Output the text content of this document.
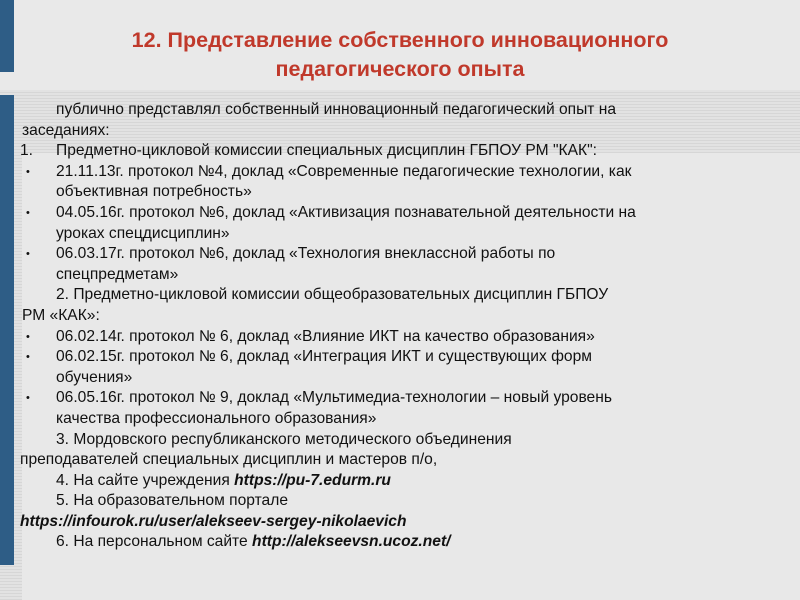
12. Представление собственного инновационного
педагогического опыта
публично представлял собственный инновационный педагогический опыт на
заседаниях:
1. Предметно-цикловой комиссии специальных дисциплин ГБПОУ РМ "КАК":
• 21.11.13г. протокол №4, доклад «Современные педагогические технологии, как
объективная потребность»
• 04.05.16г. протокол №6, доклад «Активизация познавательной деятельности на
уроках спецдисциплин»
• 06.03.17г. протокол №6, доклад «Технология внеклассной работы по
спецпредметам»
2. Предметно-цикловой комиссии общеобразовательных дисциплин ГБПОУ
РМ «КАК»:
• 06.02.14г. протокол № 6, доклад «Влияние ИКТ на качество образования»
• 06.02.15г. протокол № 6, доклад «Интеграция ИКТ и существующих форм
обучения»
• 06.05.16г. протокол № 9, доклад «Мультимедиа-технологии – новый уровень
качества профессионального образования»
3. Мордовского республиканского методического объединения
преподавателей специальных дисциплин и мастеров п/о,
4. На сайте учреждения https://pu-7.edurm.ru
5. На образовательном портале
https://infourok.ru/user/alekseev-sergey-nikolaevich
6. На персональном сайте http://alekseevsn.ucoz.net/
